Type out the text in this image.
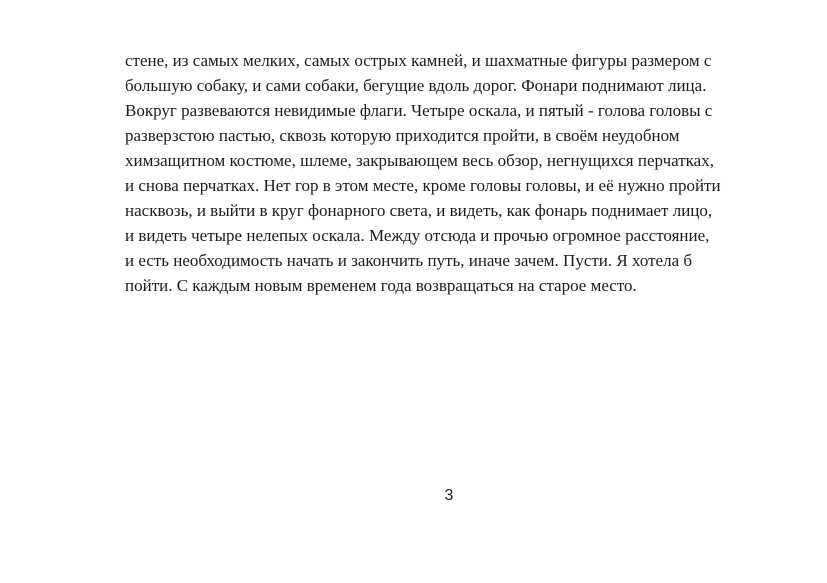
стене, из самых мелких, самых острых камней, и шахматные фигуры размером с
большую собаку, и сами собаки, бегущие вдоль дорог. Фонари поднимают лица.
Вокруг развеваются невидимые флаги. Четыре оскала, и пятый - голова головы с
разверзстою пастью, сквозь которую приходится пройти, в своём неудобном
химзащитном костюме, шлеме, закрывающем весь обзор, негнущихся перчатках,
и снова перчатках. Нет гор в этом месте, кроме головы головы, и её нужно пройти
насквозь, и выйти в круг фонарного света, и видеть, как фонарь поднимает лицо,
и видеть четыре нелепых оскала. Между отсюда и прочью огромное расстояние,
и есть необходимость начать и закончить путь, иначе зачем. Пусти. Я хотела б
пойти. С каждым новым временем года возвращаться на старое место.
3
